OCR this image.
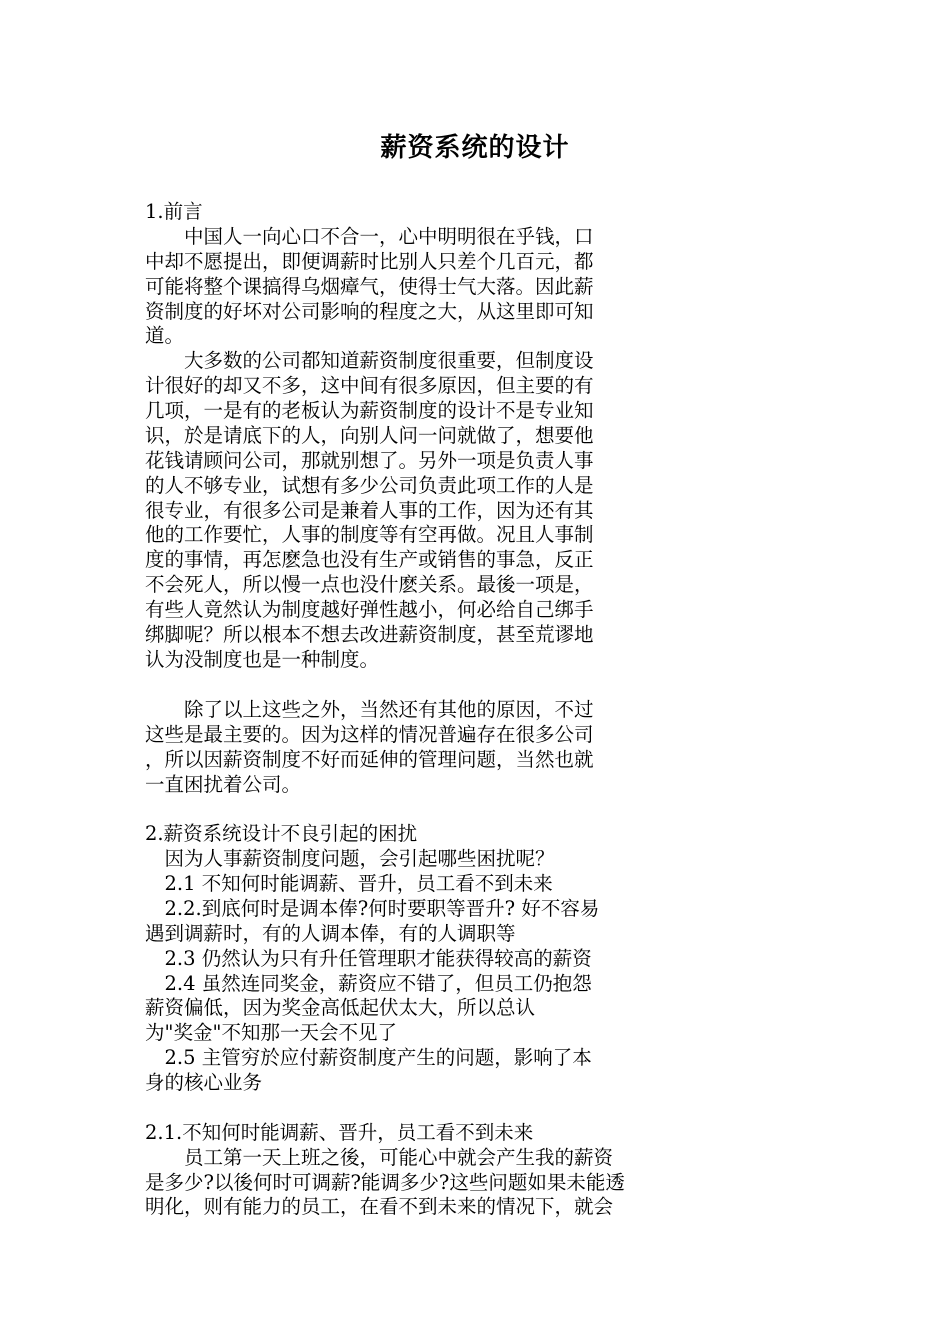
薪资系统的设计
1.前言
　　中国人一向心口不合一，心中明明很在乎钱，口
中却不愿提出，即便调薪时比别人只差个几百元，都
可能将整个课搞得乌烟瘴气，使得士气大落。因此薪
资制度的好坏对公司影响的程度之大，从这里即可知
道。
　　大多数的公司都知道薪资制度很重要，但制度设
计很好的却又不多，这中间有很多原因，但主要的有
几项，一是有的老板认为薪资制度的设计不是专业知
识，於是请底下的人，向别人问一问就做了，想要他
花钱请顾问公司，那就别想了。另外一项是负责人事
的人不够专业，试想有多少公司负责此项工作的人是
很专业，有很多公司是兼着人事的工作，因为还有其
他的工作要忙，人事的制度等有空再做。况且人事制
度的事情，再怎麽急也没有生产或销售的事急，反正
不会死人，所以慢一点也没什麽关系。最後一项是，
有些人竟然认为制度越好弹性越小，何必给自己绑手
绑脚呢？所以根本不想去改进薪资制度，甚至荒谬地
认为没制度也是一种制度。
　　除了以上这些之外，当然还有其他的原因，不过
这些是最主要的。因为这样的情况普遍存在很多公司
，所以因薪资制度不好而延伸的管理问题，当然也就
一直困扰着公司。
2.薪资系统设计不良引起的困扰
　因为人事薪资制度问题，会引起哪些困扰呢？
　2.1 不知何时能调薪、晋升，员工看不到未来
　2.2.到底何时是调本俸?何时要职等晋升? 好不容易
遇到调薪时，有的人调本俸，有的人调职等
　2.3 仍然认为只有升任管理职才能获得较高的薪资
　2.4 虽然连同奖金，薪资应不错了，但员工仍抱怨
薪资偏低，因为奖金高低起伏太大，所以总认
为"奖金"不知那一天会不见了
　2.5 主管穷於应付薪资制度产生的问题，影响了本
身的核心业务
2.1.不知何时能调薪、晋升，员工看不到未来
　　员工第一天上班之後，可能心中就会产生我的薪资
是多少?以後何时可调薪?能调多少?这些问题如果未能透
明化，则有能力的员工，在看不到未来的情况下，就会
